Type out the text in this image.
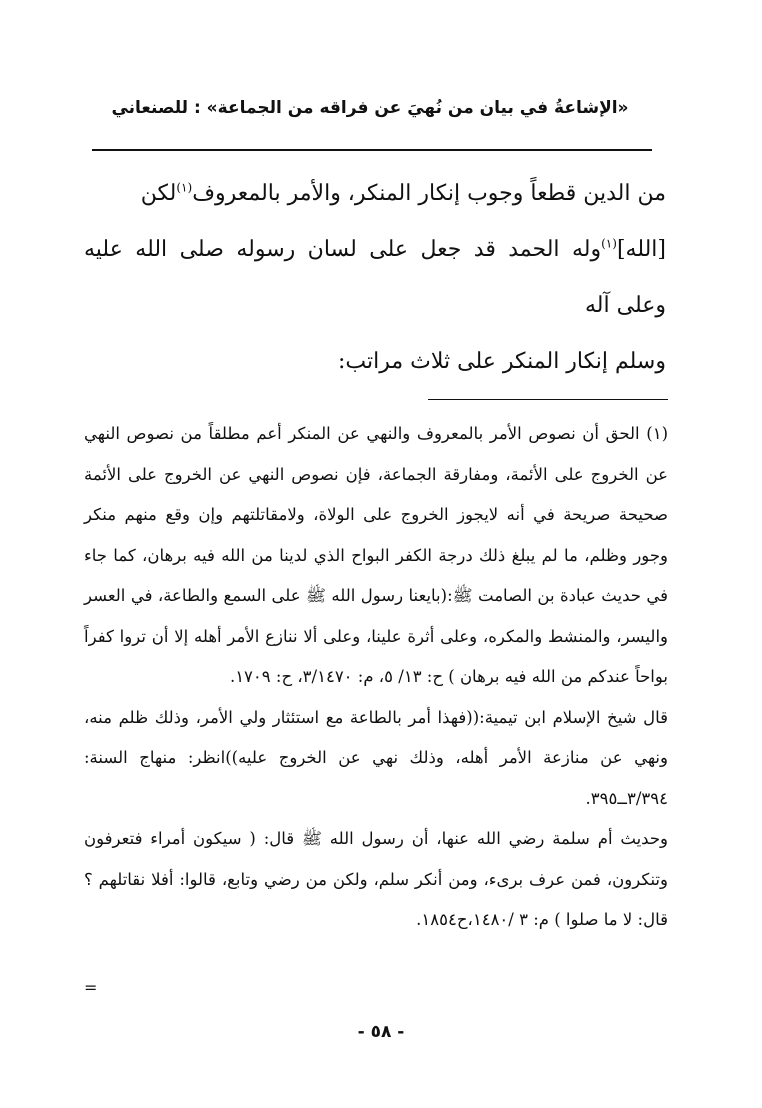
«الإشاعةُ في بيان من نُهيَ عن فراقه من الجماعة» : للصنعاني

من الدين قطعاً وجوب إنكار المنكر، والأمر بالمعروف$^{(١)}$لكن

[الله]$^{(١)}$وله الحمد قد جعل على لسان رسوله صلى الله عليه وعلى آله

وسلم إنكار المنكر على ثلاث مراتب:

(١) الحق أن نصوص الأمر بالمعروف والنهي عن المنكر أعم مطلقاً من نصوص النهي عن الخروج على الأئمة، ومفارقة الجماعة، فإن نصوص النهي عن الخروج على الأئمة صحيحة صريحة في أنه لايجوز الخروج على الولاة، ولامقاتلتهم وإن وقع منهم منكر وجور وظلم، ما لم يبلغ ذلك درجة الكفر البواح الذي لدينا من الله فيه برهان، كما جاء في حديث عبادة بن الصامت ﷺ:(بايعنا رسول الله ﷺ على السمع والطاعة، في العسر واليسر، والمنشط والمكره، وعلى أثرة علينا، وعلى ألا ننازع الأمر أهله إلا أن تروا كفراً بواحاً عندكم من الله فيه برهان ) ح: ١٣/ ٥، م: ٣/١٤٧٠، ح: ١٧٠٩.

قال شيخ الإسلام ابن تيمية:((فهذا أمر بالطاعة مع استئثار ولي الأمر، وذلك ظلم منه، ونهي عن منازعة الأمر أهله، وذلك نهي عن الخروج عليه))انظر: منهاج السنة: ٣/٣٩٤ــ٣٩٥.

وحديث أم سلمة رضي الله عنها، أن رسول الله ﷺ قال: ( سيكون أمراء فتعرفون وتنكرون، فمن عرف برىء، ومن أنكر سلم، ولكن من رضي وتابع، قالوا: أفلا نقاتلهم ؟ قال: لا ما صلوا ) م: ٣ /١٤٨٠،ح١٨٥٤.

=
- ٥٨ -
